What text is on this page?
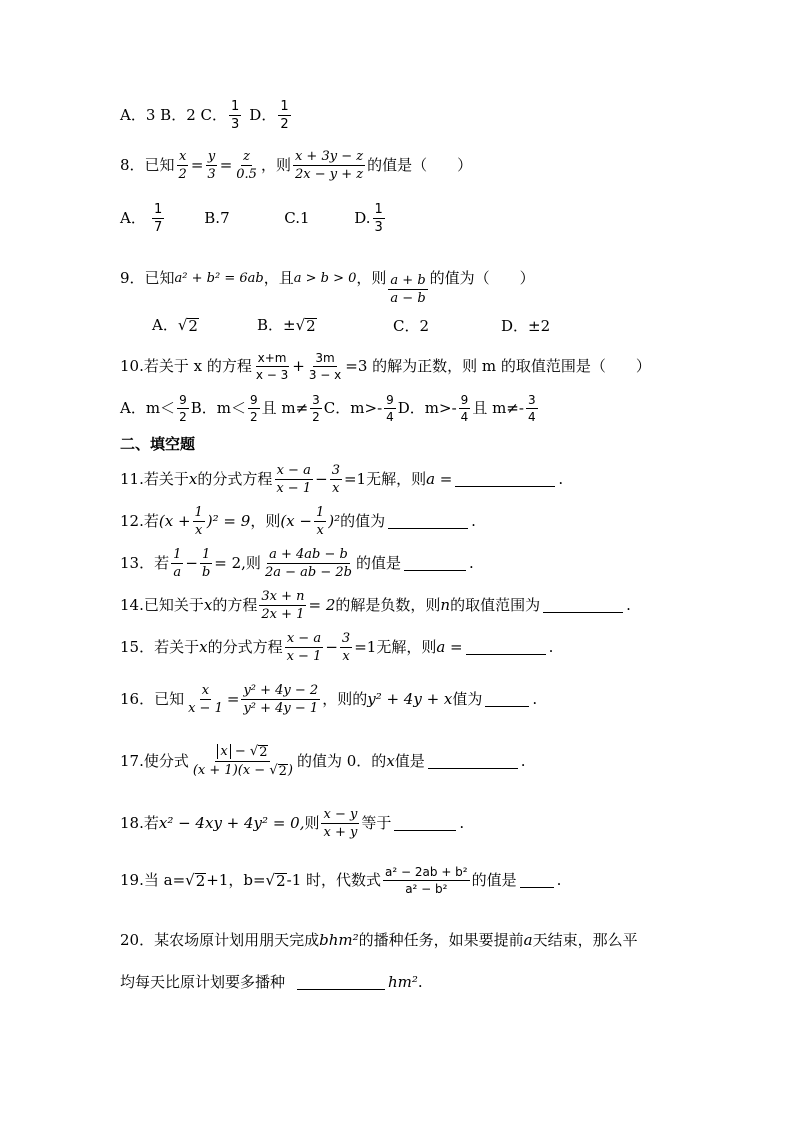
A．3
B．2
C． $\frac{1}{3}$ D． $\frac{1}{2}$
8．已知 $\frac{x}{2} = \frac{y}{3} = \frac{z}{0.5}$ ，则 $\frac{x + 3y - z}{2x - y + z}$ 的值是（　　）
A． $\frac{1}{7}$	B.7	C.1	D. $\frac{1}{3}$
9．已知 a² + b² = 6ab ，且 a > b > 0 ，则 $\frac{a + b}{a - b}$ 的值为（　　）
A． √ 2	B．± √ 2	C．2	D．±2
10.若关于 x 的方程 $\frac{x+m}{x - 3} + \frac{3m}{3 - x} =3$ 的解为正数，则 m 的取值范围是（　　）
A．$m< \frac{9}{2}$ B．$m< \frac{9}{2}$ 且 $m\ne \frac{3}{2}$ C．$m>- \frac{9}{4}$ D．$m>- \frac{9}{4}$ 且 $m\ne- \frac{3}{4}$
二、填空题
11.若关于 x 的分式方程 $\frac{x - a}{x - 1} - \frac{3}{x} =1$无解，则 a =	.
12.若 $(x + \frac{1}{x} )^2 = 9$ ，则 $(x - \frac{1}{x} )^2$ 的值为	.
13．若 $\frac{1}{a} - \frac{1}{b} = 2$,则 $\frac{a + 4ab - b}{2a - ab - 2b}$ 的值是	.
14.已知关于 x 的方程 $\frac{3x + n}{2x + 1} = 2$ 的解是负数，则 n 的取值范围为	.
15．若关于 x 的分式方程 $\frac{x - a}{x - 1} - \frac{3}{x} =1$无解，则 a =	.
16．已知 $\frac{x}{x - 1} = \frac{\text{y² + 4y − 2}}{\text{y² + 4y − 1}}$ ，则的 y² + 4y + x 值为	.
17.使分式 $\frac{x - √ 2}{(x + 1)(x - √ 2 )}$ 的值为 0．的 x 值是	.
18.若 x² − 4xy + 4y² = 0, 则 $\frac{x - y}{x + y}$ 等于	.
19.当 a= √ 2 +1，b= √ 2 -1 时，代数式 $\frac{\text{a² − 2ab + b²}}{\text{a² − b²}}$ 的值是	.
20．某农场原计划用朋天完成 bhm² 的播种任务，如果要提前 a 天结束，那么平
均每天比原计划要多播种	hm² .
